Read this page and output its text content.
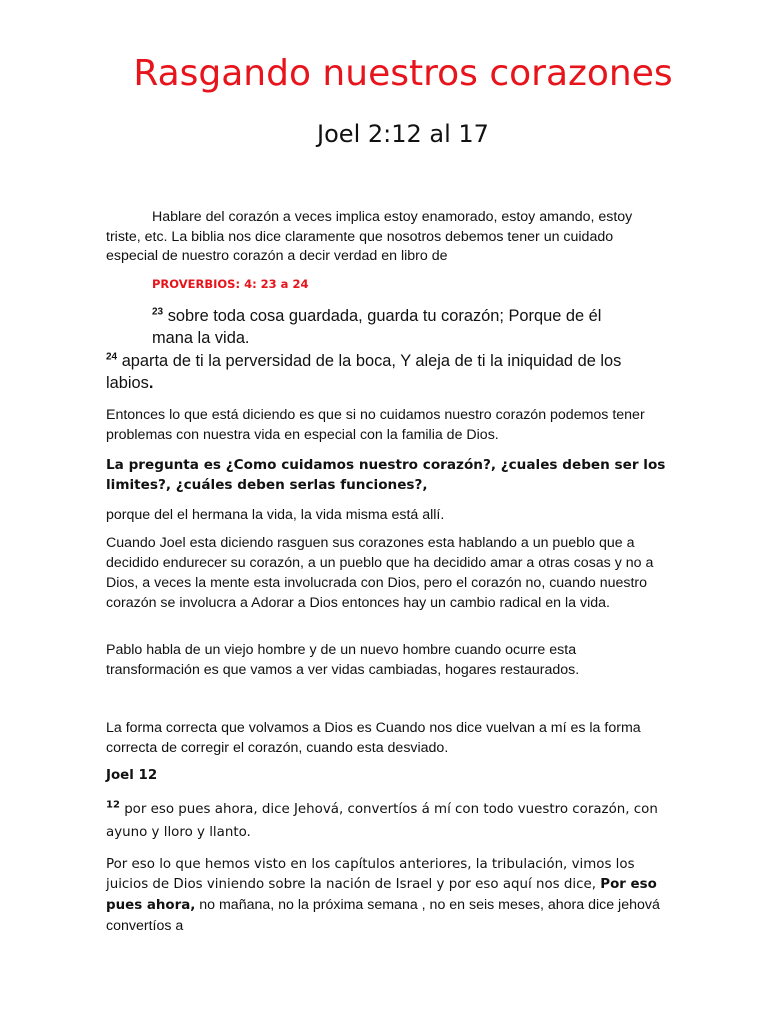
Rasgando nuestros corazones
Joel 2:12 al 17

Hablare del corazón a veces implica estoy enamorado, estoy amando, estoy triste, etc. La biblia nos dice claramente que nosotros debemos tener un cuidado especial de nuestro corazón a decir verdad en libro de

PROVERBIOS: 4: 23 a 24

$^{23}$ sobre toda cosa guardada, guarda tu corazón; Porque de él mana la vida.

$^{24}$ aparta de ti la perversidad de la boca, Y aleja de ti la iniquidad de los labios.

Entonces lo que está diciendo es que si no cuidamos nuestro corazón podemos tener problemas con nuestra vida en especial con la familia de Dios.

La pregunta es ¿Como cuidamos nuestro corazón?, ¿cuales deben ser los limites?, ¿cuáles deben serlas funciones?,

porque del el hermana la vida, la vida misma está allí.

Cuando Joel esta diciendo rasguen sus corazones esta hablando a un pueblo que a decidido endurecer su corazón, a un pueblo que ha decidido amar a otras cosas y no a Dios, a veces la mente esta involucrada con Dios, pero el corazón no, cuando nuestro corazón se involucra a Adorar a Dios entonces hay un cambio radical en la vida.

Pablo habla de un viejo hombre y de un nuevo hombre cuando ocurre esta transformación es que vamos a ver vidas cambiadas, hogares restaurados.

La forma correcta que volvamos a Dios es Cuando nos dice vuelvan a mí es la forma correcta de corregir el corazón, cuando esta desviado.

Joel 12

$^{12}$ por eso pues ahora, dice Jehová, convertíos á mí con todo vuestro corazón, con ayuno y lloro y llanto.

Por eso lo que hemos visto en los capítulos anteriores, la tribulación, vimos los juicios de Dios viniendo sobre la nación de Israel y por eso aquí nos dice, Por eso pues ahora, no mañana, no la próxima semana , no en seis meses, ahora dice jehová convertíos a
